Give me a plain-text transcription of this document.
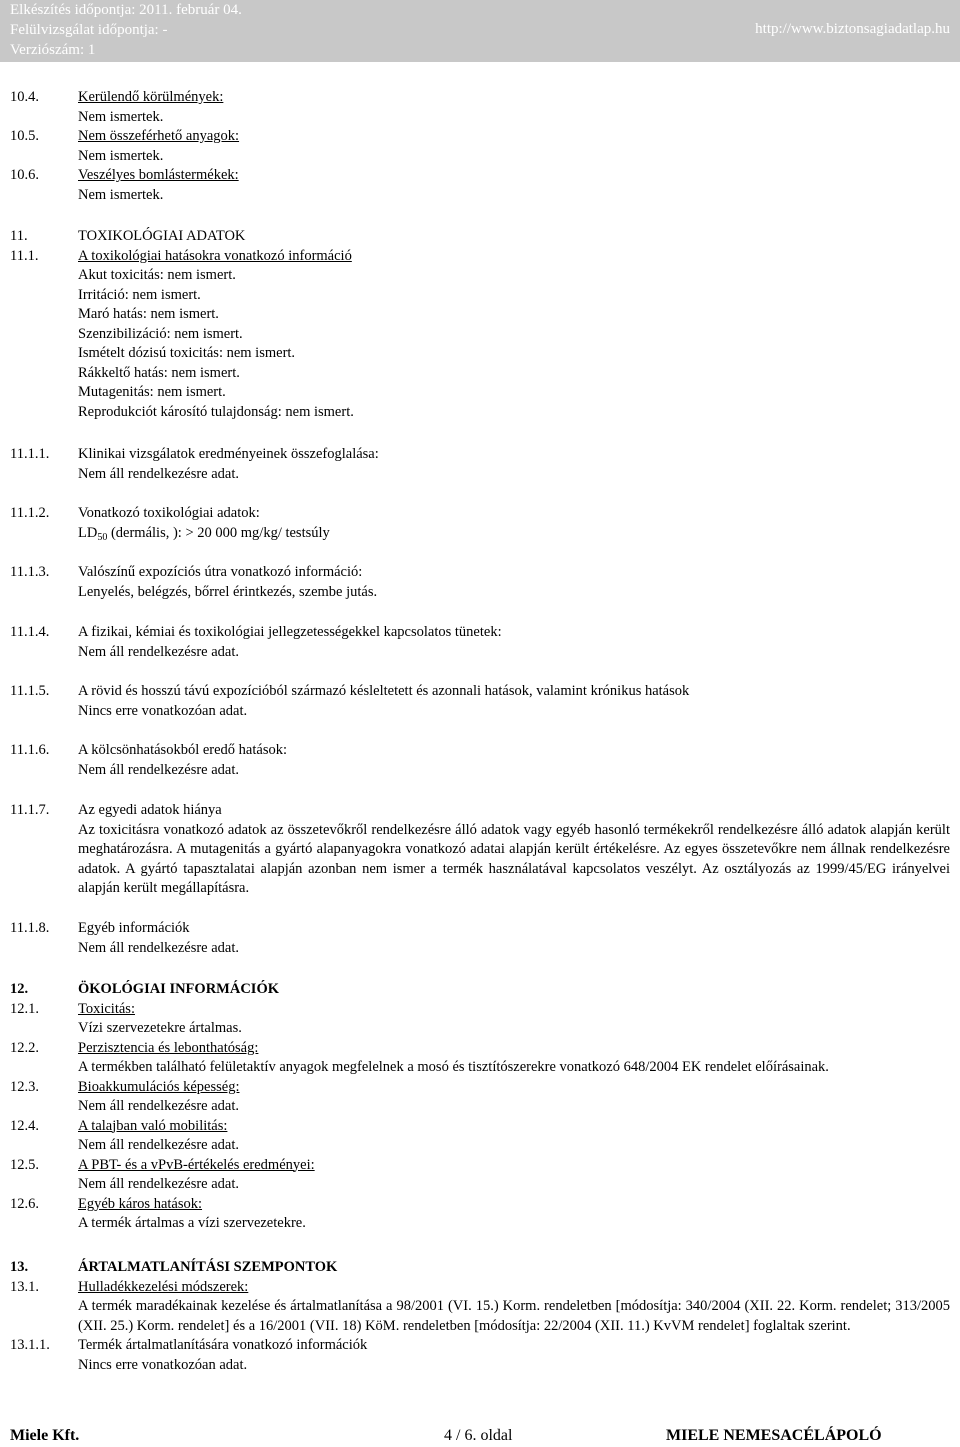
Elkészítés időpontja: 2011. február 04.
Felülvizsgálat időpontja: -
Verziószám: 1
http://www.biztonsagiadatlap.hu
10.4.	Kerülendő körülmények:
Nem ismertek.
10.5.	Nem összeférhető anyagok:
Nem ismertek.
10.6.	Veszélyes bomlástermékek:
Nem ismertek.
11.	TOXIKOLÓGIAI ADATOK
11.1.	A toxikológiai hatásokra vonatkozó információ
Akut toxicitás: nem ismert.
Irritáció: nem ismert.
Maró hatás: nem ismert.
Szenzibilizáció: nem ismert.
Ismételt dózisú toxicitás: nem ismert.
Rákkeltő hatás: nem ismert.
Mutagenitás: nem ismert.
Reprodukciót károsító tulajdonság: nem ismert.
11.1.1.	Klinikai vizsgálatok eredményeinek összefoglalása:
Nem áll rendelkezésre adat.
11.1.2.	Vonatkozó toxikológiai adatok:
$LD_{50}$ (dermális, ): > 20 000 mg/kg/ testsúly
11.1.3.	Valószínű expozíciós útra vonatkozó információ:
Lenyelés, belégzés, bőrrel érintkezés, szembe jutás.
11.1.4.	A fizikai, kémiai és toxikológiai jellegzetességekkel kapcsolatos tünetek:
Nem áll rendelkezésre adat.
11.1.5.	A rövid és hosszú távú expozícióból származó késleltetett és azonnali hatások, valamint krónikus hatások
Nincs erre vonatkozóan adat.
11.1.6.	A kölcsönhatásokból eredő hatások:
Nem áll rendelkezésre adat.
11.1.7.	Az egyedi adatok hiánya
Az toxicitásra vonatkozó adatok az összetevőkről rendelkezésre álló adatok vagy egyéb hasonló termékekről rendelkezésre álló adatok alapján került meghatározásra. A mutagenitás a gyártó alapanyagokra vonatkozó adatai alapján került értékelésre. Az egyes összetevőkre nem állnak rendelkezésre adatok. A gyártó tapasztalatai alapján azonban nem ismer a termék használatával kapcsolatos veszélyt. Az osztályozás az 1999/45/EG irányelvei alapján került megállapításra.
11.1.8.	Egyéb információk
Nem áll rendelkezésre adat.
12.	ÖKOLÓGIAI INFORMÁCIÓK
12.1.	Toxicitás:
Vízi szervezetekre ártalmas.
12.2.	Perzisztencia és lebonthatóság:
A termékben található felületaktív anyagok megfelelnek a mosó és tisztítószerekre vonatkozó 648/2004 EK rendelet előírásainak.
12.3.	Bioakkumulációs képesség:
Nem áll rendelkezésre adat.
12.4.	A talajban való mobilitás:
Nem áll rendelkezésre adat.
12.5.	A PBT- és a vPvB-értékelés eredményei:
Nem áll rendelkezésre adat.
12.6.	Egyéb káros hatások:
A termék ártalmas a vízi szervezetekre.
13.	ÁRTALMATLANÍTÁSI SZEMPONTOK
13.1.	Hulladékkezelési módszerek:
A termék maradékainak kezelése és ártalmatlanítása a 98/2001 (VI. 15.) Korm. rendeletben [módosítja: 340/2004 (XII. 22. Korm. rendelet; 313/2005 (XII. 25.) Korm. rendelet] és a 16/2001 (VII. 18) KöM. rendeletben [módosítja: 22/2004 (XII. 11.) KvVM rendelet] foglaltak szerint.
13.1.1.	Termék ártalmatlanítására vonatkozó információk
Nincs erre vonatkozóan adat.
Miele Kft.	4 / 6. oldal	MIELE NEMESACÉLÁPOLÓ
